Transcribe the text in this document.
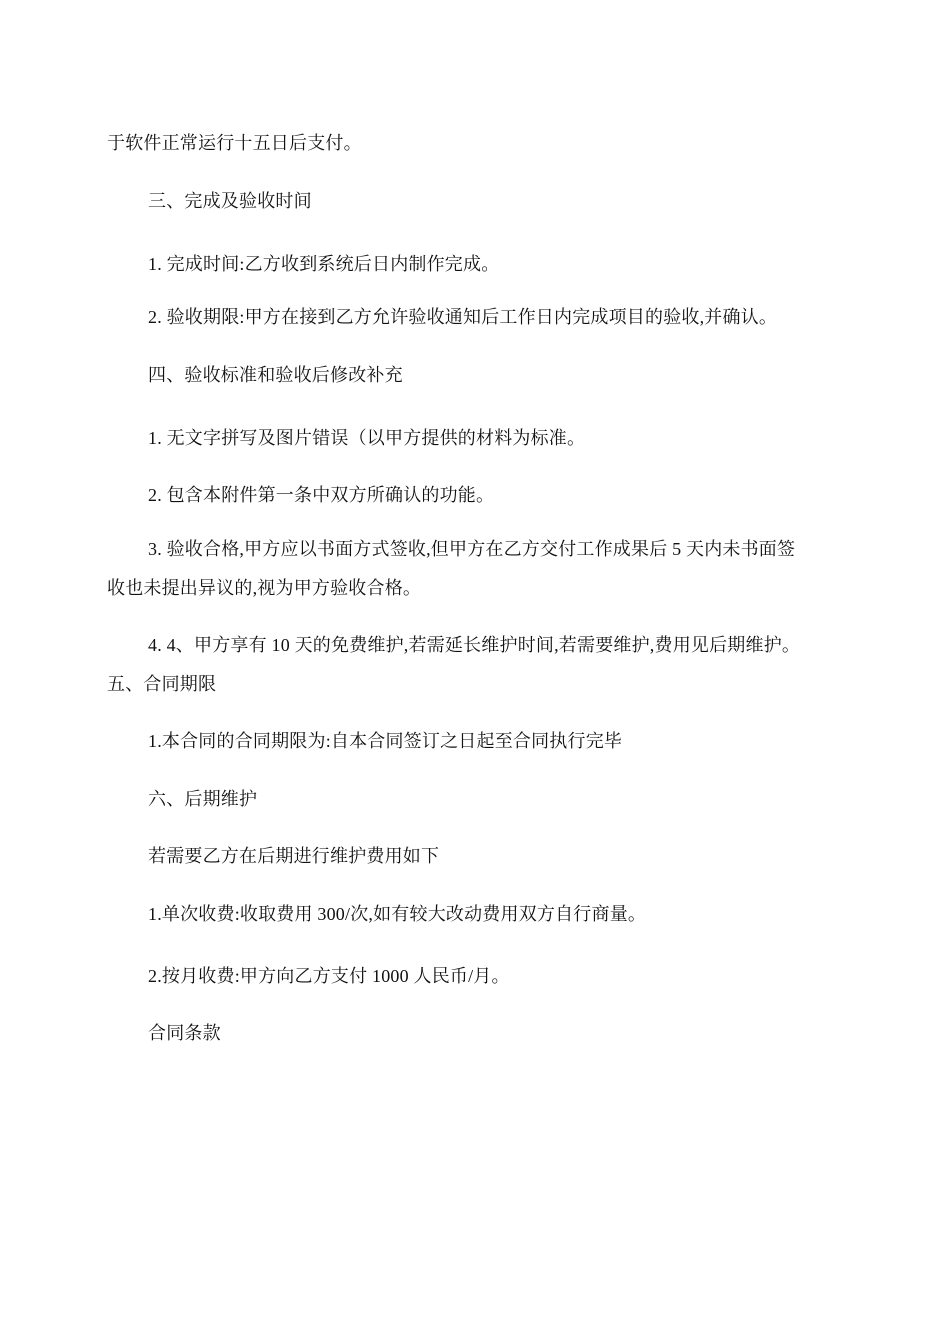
于软件正常运行十五日后支付。
三、完成及验收时间
1. 完成时间:乙方收到系统后日内制作完成。
2. 验收期限:甲方在接到乙方允许验收通知后工作日内完成项目的验收,并确认。
四、验收标准和验收后修改补充
1. 无文字拼写及图片错误（以甲方提供的材料为标准。
2. 包含本附件第一条中双方所确认的功能。
3. 验收合格,甲方应以书面方式签收,但甲方在乙方交付工作成果后 5 天内未书面签
收也未提出异议的,视为甲方验收合格。
4. 4、甲方享有 10 天的免费维护,若需延长维护时间,若需要维护,费用见后期维护。
五、合同期限
1.本合同的合同期限为:自本合同签订之日起至合同执行完毕
六、后期维护
若需要乙方在后期进行维护费用如下
1.单次收费:收取费用 300/次,如有较大改动费用双方自行商量。
2.按月收费:甲方向乙方支付 1000 人民币/月。
合同条款
